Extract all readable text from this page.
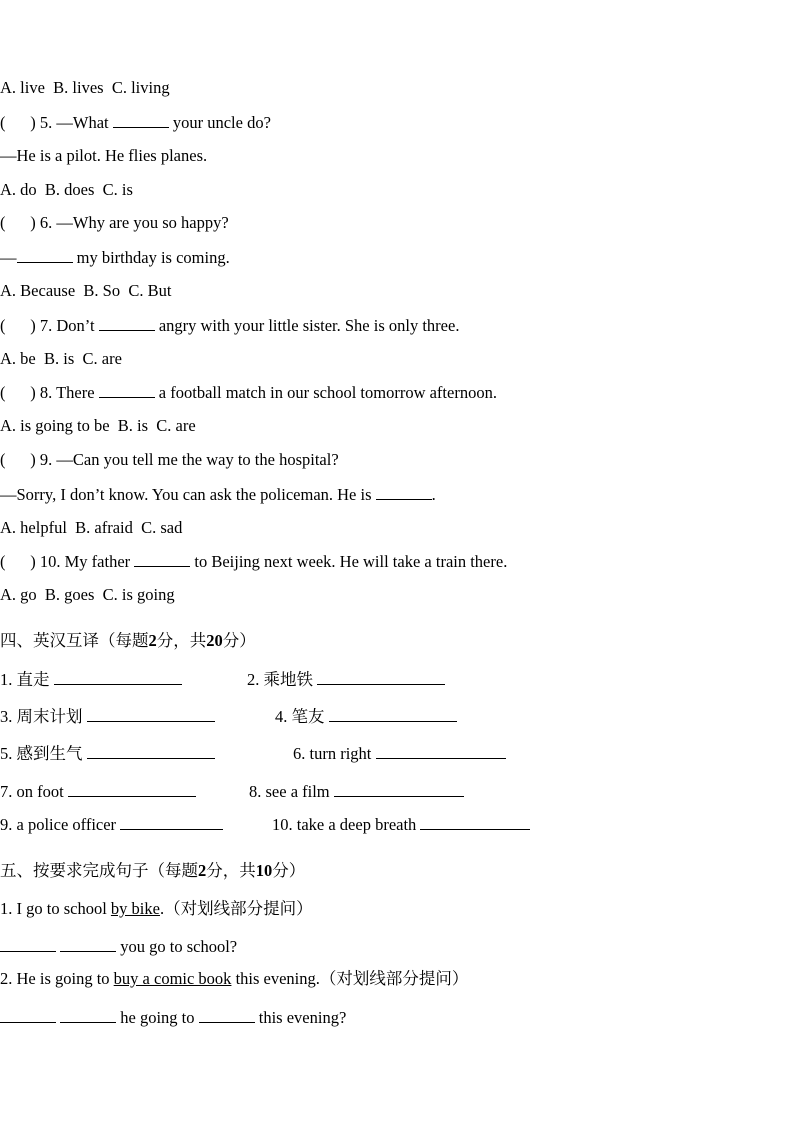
A. live  B. lives  C. living
(      ) 5. —What	your uncle do?
—He is a pilot. He flies planes.
A. do  B. does  C. is
(      ) 6. —Why are you so happy?
—	my birthday is coming.
A. Because  B. So  C. But
(      ) 7. Don’t	angry with your little sister. She is only three.
A. be  B. is  C. are
(      ) 8. There	a football match in our school tomorrow afternoon.
A. is going to be  B. is  C. are
(      ) 9. —Can you tell me the way to the hospital?
—Sorry, I don’t know. You can ask the policeman. He is	.
A. helpful  B. afraid  C. sad
(      ) 10. My father	to Beijing next week. He will take a train there.
A. go  B. goes  C. is going
四、英汉互译（每题2分，共20分）
1. 直走	2. 乘地铁
3. 周末计划	4. 笔友
5. 感到生气	6. turn right
7. on foot	8. see a film
9. a police officer	10. take a deep breath
五、按要求完成句子（每题2分，共10分）
1. I go to school by bike.（对划线部分提问）
you go to school?
2. He is going to buy a comic book this evening.（对划线部分提问）
he going to	this evening?
